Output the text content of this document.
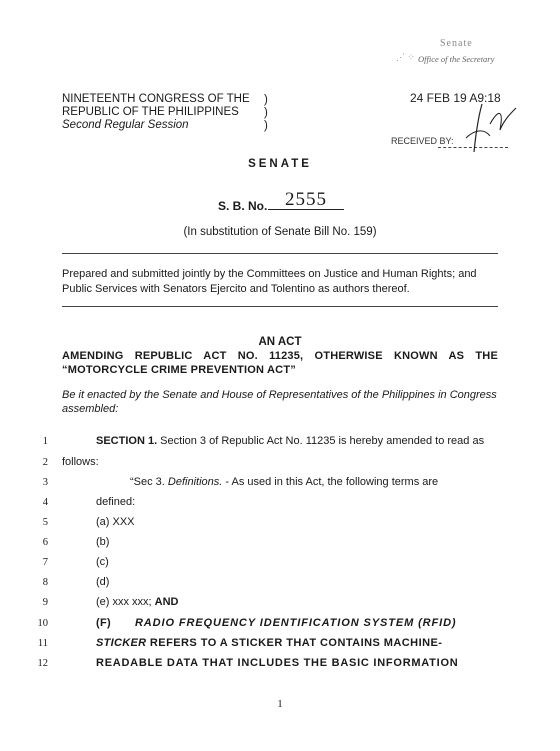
Senate
⋰ ⁘ Office of the Secretary
24 FEB 19 A9:18
RECEIVED BY:
NINETEENTH CONGRESS OF THE
REPUBLIC OF THE PHILIPPINES
Second Regular Session
)
)
)
SENATE
S. B. No. 2555
(In substitution of Senate Bill No. 159)
Prepared and submitted jointly by the Committees on Justice and Human Rights; and Public Services with Senators Ejercito and Tolentino as authors thereof.
AN ACT
AMENDING REPUBLIC ACT NO. 11235, OTHERWISE KNOWN AS THE “MOTORCYCLE CRIME PREVENTION ACT”
Be it enacted by the Senate and House of Representatives of the Philippines in Congress assembled:
1
2
3
4
5
6
7
8
9
10
11
12
SECTION 1. Section 3 of Republic Act No. 11235 is hereby amended to read as
follows:
“Sec 3. Definitions. - As used in this Act, the following terms are
defined:
(a) XXX
(b)
(c)
(d)
(e) xxx xxx; AND
(F) RADIO FREQUENCY IDENTIFICATION SYSTEM (RFID)
STICKER REFERS TO A STICKER THAT CONTAINS MACHINE-
READABLE DATA THAT INCLUDES THE BASIC INFORMATION
1
